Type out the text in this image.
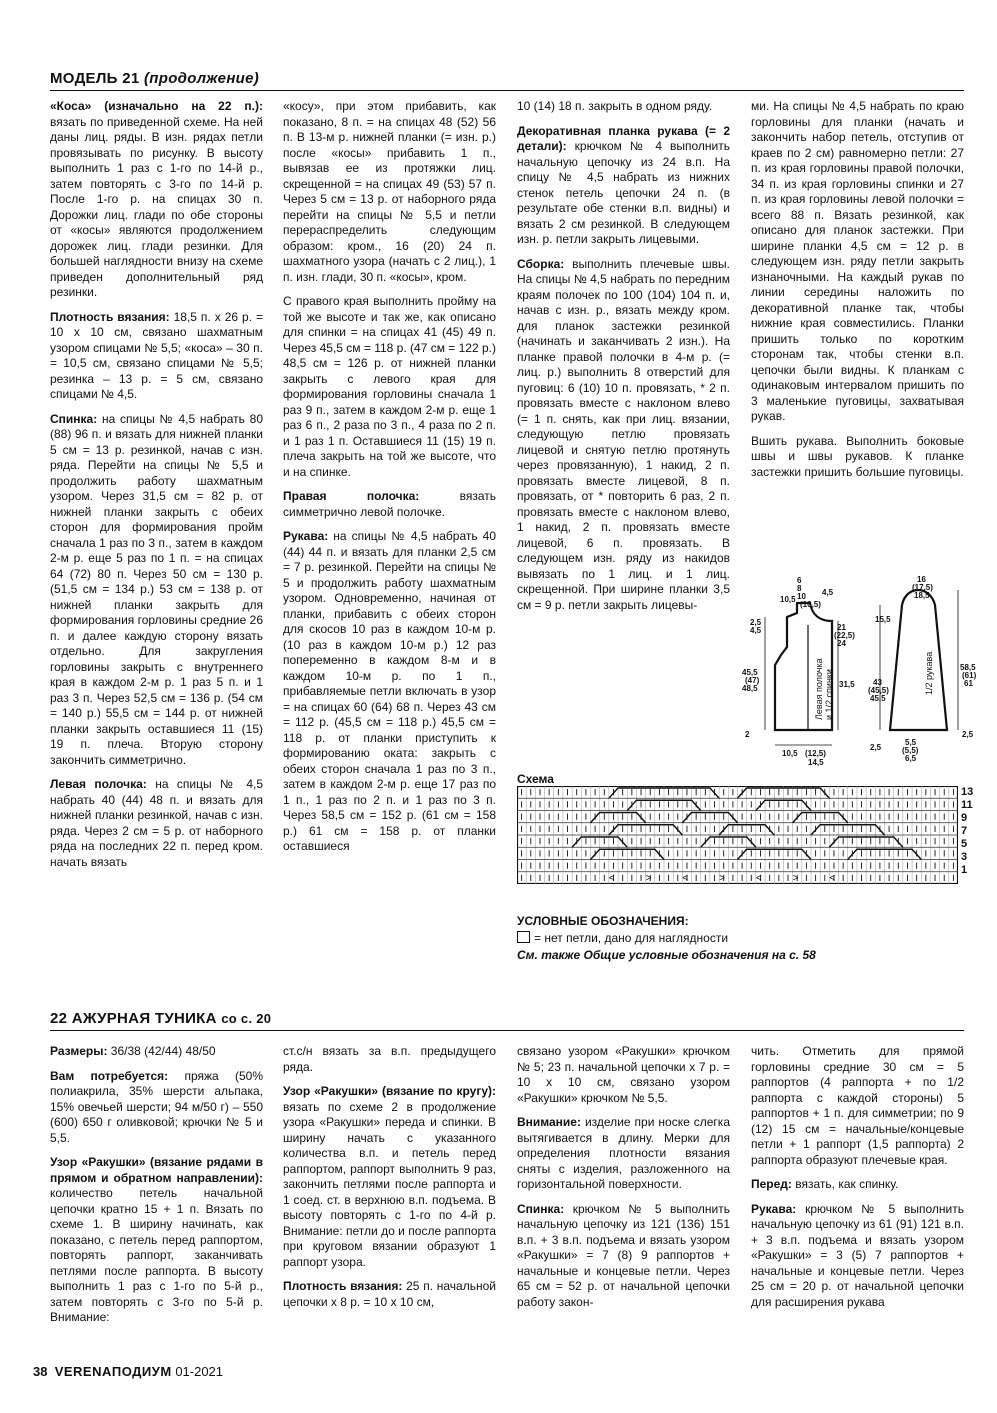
МОДЕЛЬ 21 (продолжение)

«Коса» (изначально на 22 п.): вязать по приведенной схеме. На ней даны лиц. ряды. В изн. рядах петли провязывать по рисунку. В высоту выполнить 1 раз с 1-го по 14-й р., затем повторять с 3-го по 14-й р. После 1-го р. на спицах 30 п. Дорожки лиц. глади по обе стороны от «косы» являются продолжением дорожек лиц. глади резинки. Для большей наглядности внизу на схеме приведен дополнительный ряд резинки.

Плотность вязания: 18,5 п. х 26 р. = 10 х 10 см, связано шахматным узором спицами № 5,5; «коса» – 30 п. = 10,5 см, связано спицами № 5,5; резинка – 13 р. = 5 см, связано спицами № 4,5.

Спинка: на спицы № 4,5 набрать 80 (88) 96 п. и вязать для нижней планки 5 см = 13 р. резинкой, начав с изн. ряда. Перейти на спицы № 5,5 и продолжить работу шахматным узором. Через 31,5 см = 82 р. от нижней планки закрыть с обеих сторон для формирования пройм сначала 1 раз по 3 п., затем в каждом 2-м р. еще 5 раз по 1 п. = на спицах 64 (72) 80 п. Через 50 см = 130 р. (51,5 см = 134 р.) 53 см = 138 р. от нижней планки закрыть для формирования горловины средние 26 п. и далее каждую сторону вязать отдельно. Для закругления горловины закрыть с внутреннего края в каждом 2-м р. 1 раз 5 п. и 1 раз 3 п. Через 52,5 см = 136 р. (54 см = 140 р.) 55,5 см = 144 р. от нижней планки закрыть оставшиеся 11 (15) 19 п. плеча. Вторую сторону закончить симметрично.

Левая полочка: на спицы № 4,5 набрать 40 (44) 48 п. и вязать для нижней планки резинкой, начав с изн. ряда. Через 2 см = 5 р. от наборного ряда на последних 22 п. перед кром. начать вязать

«косу», при этом прибавить, как показано, 8 п. = на спицах 48 (52) 56 п. В 13-м р. нижней планки (= изн. р.) после «косы» прибавить 1 п., вывязав ее из протяжки лиц. скрещенной = на спицах 49 (53) 57 п. Через 5 см = 13 р. от наборного ряда перейти на спицы № 5,5 и петли перераспределить следующим образом: кром., 16 (20) 24 п. шахматного узора (начать с 2 лиц.), 1 п. изн. глади, 30 п. «косы», кром.

С правого края выполнить пройму на той же высоте и так же, как описано для спинки = на спицах 41 (45) 49 п. Через 45,5 см = 118 р. (47 см = 122 р.) 48,5 см = 126 р. от нижней планки закрыть с левого края для формирования горловины сначала 1 раз 9 п., затем в каждом 2-м р. еще 1 раз 6 п., 2 раза по 3 п., 4 раза по 2 п. и 1 раз 1 п. Оставшиеся 11 (15) 19 п. плеча закрыть на той же высоте, что и на спинке.

Правая полочка: вязать симметрично левой полочке.

Рукава: на спицы № 4,5 набрать 40 (44) 44 п. и вязать для планки 2,5 см = 7 р. резинкой. Перейти на спицы № 5 и продолжить работу шахматным узором. Одновременно, начиная от планки, прибавить с обеих сторон для скосов 10 раз в каждом 10-м р. (10 раз в каждом 10-м р.) 12 раз попеременно в каждом 8-м и в каждом 10-м р. по 1 п., прибавляемые петли включать в узор = на спицах 60 (64) 68 п. Через 43 см = 112 р. (45,5 см = 118 р.) 45,5 см = 118 р. от планки приступить к формированию оката: закрыть с обеих сторон сначала 1 раз по 3 п., затем в каждом 2-м р. еще 17 раз по 1 п., 1 раз по 2 п. и 1 раз по 3 п. Через 58,5 см = 152 р. (61 см = 158 р.) 61 см = 158 р. от планки оставшиеся

10 (14) 18 п. закрыть в одном ряду.

Декоративная планка рукава (= 2 детали): крючком № 4 выполнить начальную цепочку из 24 в.п. На спицу № 4,5 набрать из нижних стенок петель цепочки 24 п. (в результате обе стенки в.п. видны) и вязать 2 см резинкой. В следующем изн. р. петли закрыть лицевыми.

Сборка: выполнить плечевые швы. На спицы № 4,5 набрать по передним краям полочек по 100 (104) 104 п. и, начав с изн. р., вязать между кром. для планок застежки резинкой (начинать и заканчивать 2 изн.). На планке правой полочки в 4-м р. (= лиц. р.) выполнить 8 отверстий для пуговиц: 6 (10) 10 п. провязать, * 2 п. провязать вместе с наклоном влево (= 1 п. снять, как при лиц. вязании, следующую петлю провязать лицевой и снятую петлю протянуть через провязанную), 1 накид, 2 п. провязать вместе лицевой, 8 п. провязать, от * повторить 6 раз, 2 п. провязать вместе с наклоном влево, 1 накид, 2 п. провязать вместе лицевой, 6 п. провязать. В следующем изн. ряду из накидов вывязать по 1 лиц. и 1 лиц. скрещенной. При ширине планки 3,5 см = 9 р. петли закрыть лицевы-

ми. На спицы № 4,5 набрать по краю горловины для планки (начать и закончить набор петель, отступив от краев по 2 см) равномерно петли: 27 п. из края горловины правой полочки, 34 п. из края горловины спинки и 27 п. из края горловины левой полочки = всего 88 п. Вязать резинкой, как описано для планок застежки. При ширине планки 4,5 см = 12 р. в следующем изн. ряду петли закрыть изнаночными. На каждый рукав по линии середины наложить по декоративной планке так, чтобы нижние края совместились. Планки пришить только по коротким сторонам так, чтобы стенки в.п. цепочки были видны. К планкам с одинаковым интервалом пришить по 3 маленькие пуговицы, захватывая рукав.

Вшить рукава. Выполнить боковые швы и швы рукавов. К планке застежки пришить большие пуговицы.

6
8
10 4,5
10,5
(10,5)
2,5
4,5	21
(22,5)
24
45,5
(47)
48,5	31,5
2
10,5 (12,5)
14,5
16
(17,5)
18,5
15,5
43
(45,5)
45,5
58,5
(61)
61
2,5
5,5
(5,5)
6,5
2,5
Левая полочка и 1/2 спинки	1/2 рукава
Схема
<	>	<	>	<	>	<
13
11
9
7
5
3
1
УСЛОВНЫЕ ОБОЗНАЧЕНИЯ:
= нет петли, дано для наглядности
См. также Общие условные обозначения на с. 58
22 АЖУРНАЯ ТУНИКА со с. 20

Размеры: 36/38 (42/44) 48/50

Вам потребуется: пряжа (50% полиакрила, 35% шерсти альпака, 15% овечьей шерсти; 94 м/50 г) – 550 (600) 650 г оливковой; крючки № 5 и 5,5.

Узор «Ракушки» (вязание рядами в прямом и обратном направлении): количество петель начальной цепочки кратно 15 + 1 п. Вязать по схеме 1. В ширину начинать, как показано, с петель перед раппортом, повторять раппорт, заканчивать петлями после раппорта. В высоту выполнить 1 раз с 1-го по 5-й р., затем повторять с 3-го по 5-й р. Внимание:

ст.с/н вязать за в.п. предыдущего ряда.

Узор «Ракушки» (вязание по кругу): вязать по схеме 2 в продолжение узора «Ракушки» переда и спинки. В ширину начать с указанного количества в.п. и петель перед раппортом, раппорт выполнить 9 раз, закончить петлями после раппорта и 1 соед. ст. в верхнюю в.п. подъема. В высоту повторять с 1-го по 4-й р. Внимание: петли до и после раппорта при круговом вязании образуют 1 раппорт узора.

Плотность вязания: 25 п. начальной цепочки х 8 р. = 10 х 10 см,

связано узором «Ракушки» крючком № 5; 23 п. начальной цепочки х 7 р. = 10 х 10 см, связано узором «Ракушки» крючком № 5,5.

Внимание: изделие при носке слегка вытягивается в длину. Мерки для определения плотности вязания сняты с изделия, разложенного на горизонтальной поверхности.

Спинка: крючком № 5 выполнить начальную цепочку из 121 (136) 151 в.п. + 3 в.п. подъема и вязать узором «Ракушки» = 7 (8) 9 раппортов + начальные и концевые петли. Через 65 см = 52 р. от начальной цепочки работу закон-

чить. Отметить для прямой горловины средние 30 см = 5 раппортов (4 раппорта + по 1/2 раппорта с каждой стороны) 5 раппортов + 1 п. для симметрии; по 9 (12) 15 см = начальные/концевые петли + 1 раппорт (1,5 раппорта) 2 раппорта образуют плечевые края.

Перед: вязать, как спинку.

Рукава: крючком № 5 выполнить начальную цепочку из 61 (91) 121 в.п. + 3 в.п. подъема и вязать узором «Ракушки» = 3 (5) 7 раппортов + начальные и концевые петли. Через 25 см = 20 р. от начальной цепочки для расширения рукава

38 VERENAПОДИУМ 01-2021
